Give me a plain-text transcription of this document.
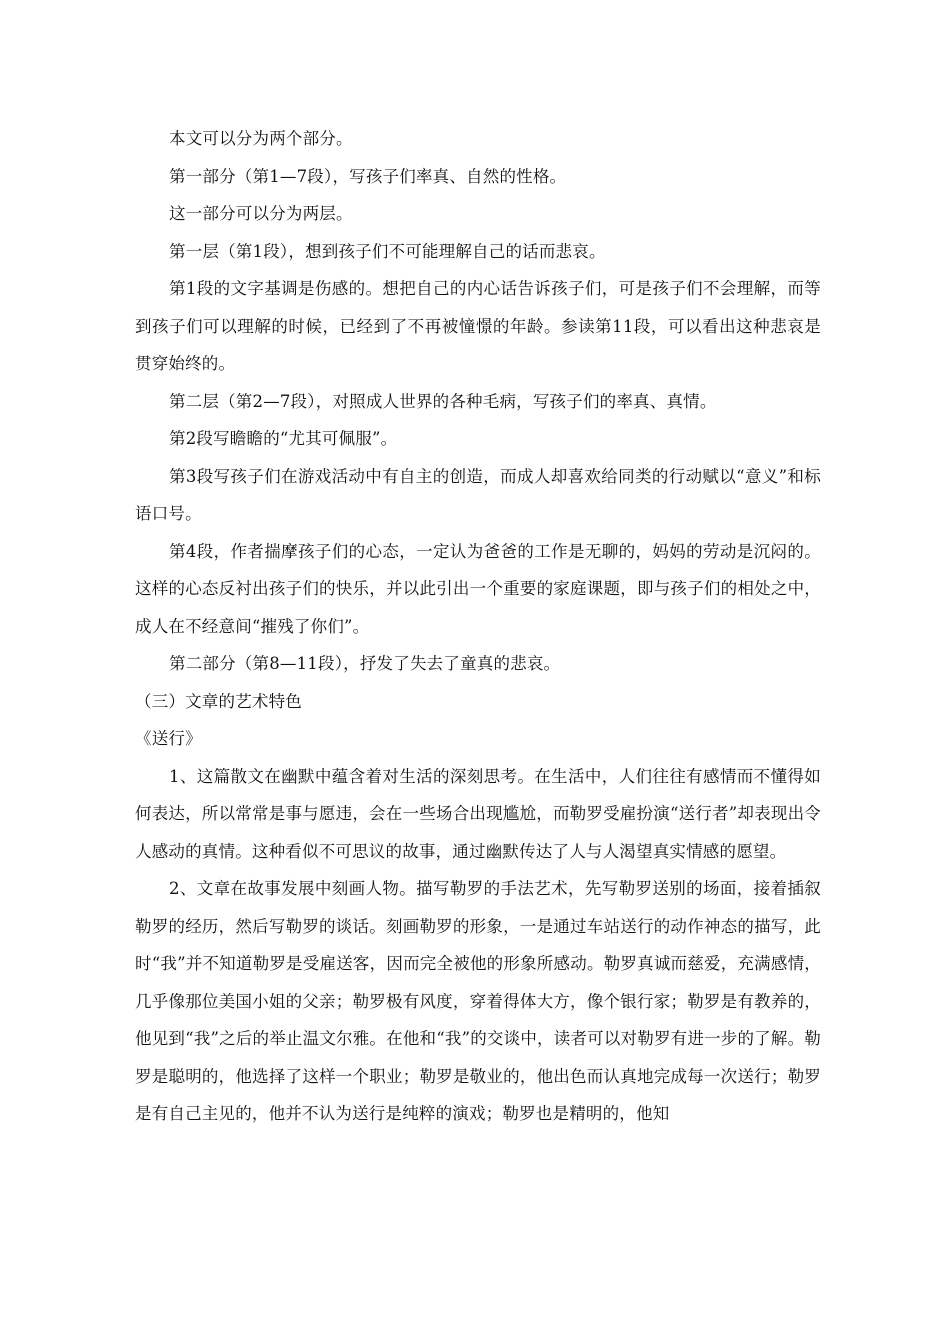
本文可以分为两个部分。

第一部分（第1—7段），写孩子们率真、自然的性格。

这一部分可以分为两层。

第一层（第1段），想到孩子们不可能理解自己的话而悲哀。

第1段的文字基调是伤感的。想把自己的内心话告诉孩子们，可是孩子们不会理解，而等到孩子们可以理解的时候，已经到了不再被憧憬的年龄。参读第11段，可以看出这种悲哀是贯穿始终的。

第二层（第2—7段），对照成人世界的各种毛病，写孩子们的率真、真情。

第2段写瞻瞻的“尤其可佩服”。

第3段写孩子们在游戏活动中有自主的创造，而成人却喜欢给同类的行动赋以“意义”和标语口号。

第4段，作者揣摩孩子们的心态，一定认为爸爸的工作是无聊的，妈妈的劳动是沉闷的。这样的心态反衬出孩子们的快乐，并以此引出一个重要的家庭课题，即与孩子们的相处之中，成人在不经意间“摧残了你们”。

第二部分（第8—11段），抒发了失去了童真的悲哀。

（三）文章的艺术特色

《送行》

1、这篇散文在幽默中蕴含着对生活的深刻思考。在生活中，人们往往有感情而不懂得如何表达，所以常常是事与愿违，会在一些场合出现尴尬，而勒罗受雇扮演“送行者”却表现出令人感动的真情。这种看似不可思议的故事，通过幽默传达了人与人渴望真实情感的愿望。

2、文章在故事发展中刻画人物。描写勒罗的手法艺术，先写勒罗送别的场面，接着插叙勒罗的经历，然后写勒罗的谈话。刻画勒罗的形象，一是通过车站送行的动作神态的描写，此时“我”并不知道勒罗是受雇送客，因而完全被他的形象所感动。勒罗真诚而慈爱，充满感情，几乎像那位美国小姐的父亲；勒罗极有风度，穿着得体大方，像个银行家；勒罗是有教养的，他见到“我”之后的举止温文尔雅。在他和“我”的交谈中，读者可以对勒罗有进一步的了解。勒罗是聪明的，他选择了这样一个职业；勒罗是敬业的，他出色而认真地完成每一次送行；勒罗是有自己主见的，他并不认为送行是纯粹的演戏；勒罗也是精明的，他知
